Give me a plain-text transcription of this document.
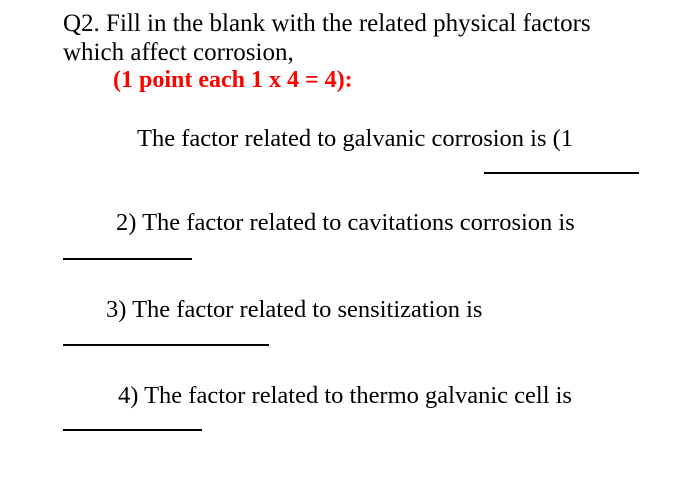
Q2. Fill in the blank with the related physical factors
which affect corrosion,
(1 point each 1 x 4 = 4):
The factor related to galvanic corrosion is (1
2) The factor related to cavitations corrosion is
3) The factor related to sensitization is
4) The factor related to thermo galvanic cell is
